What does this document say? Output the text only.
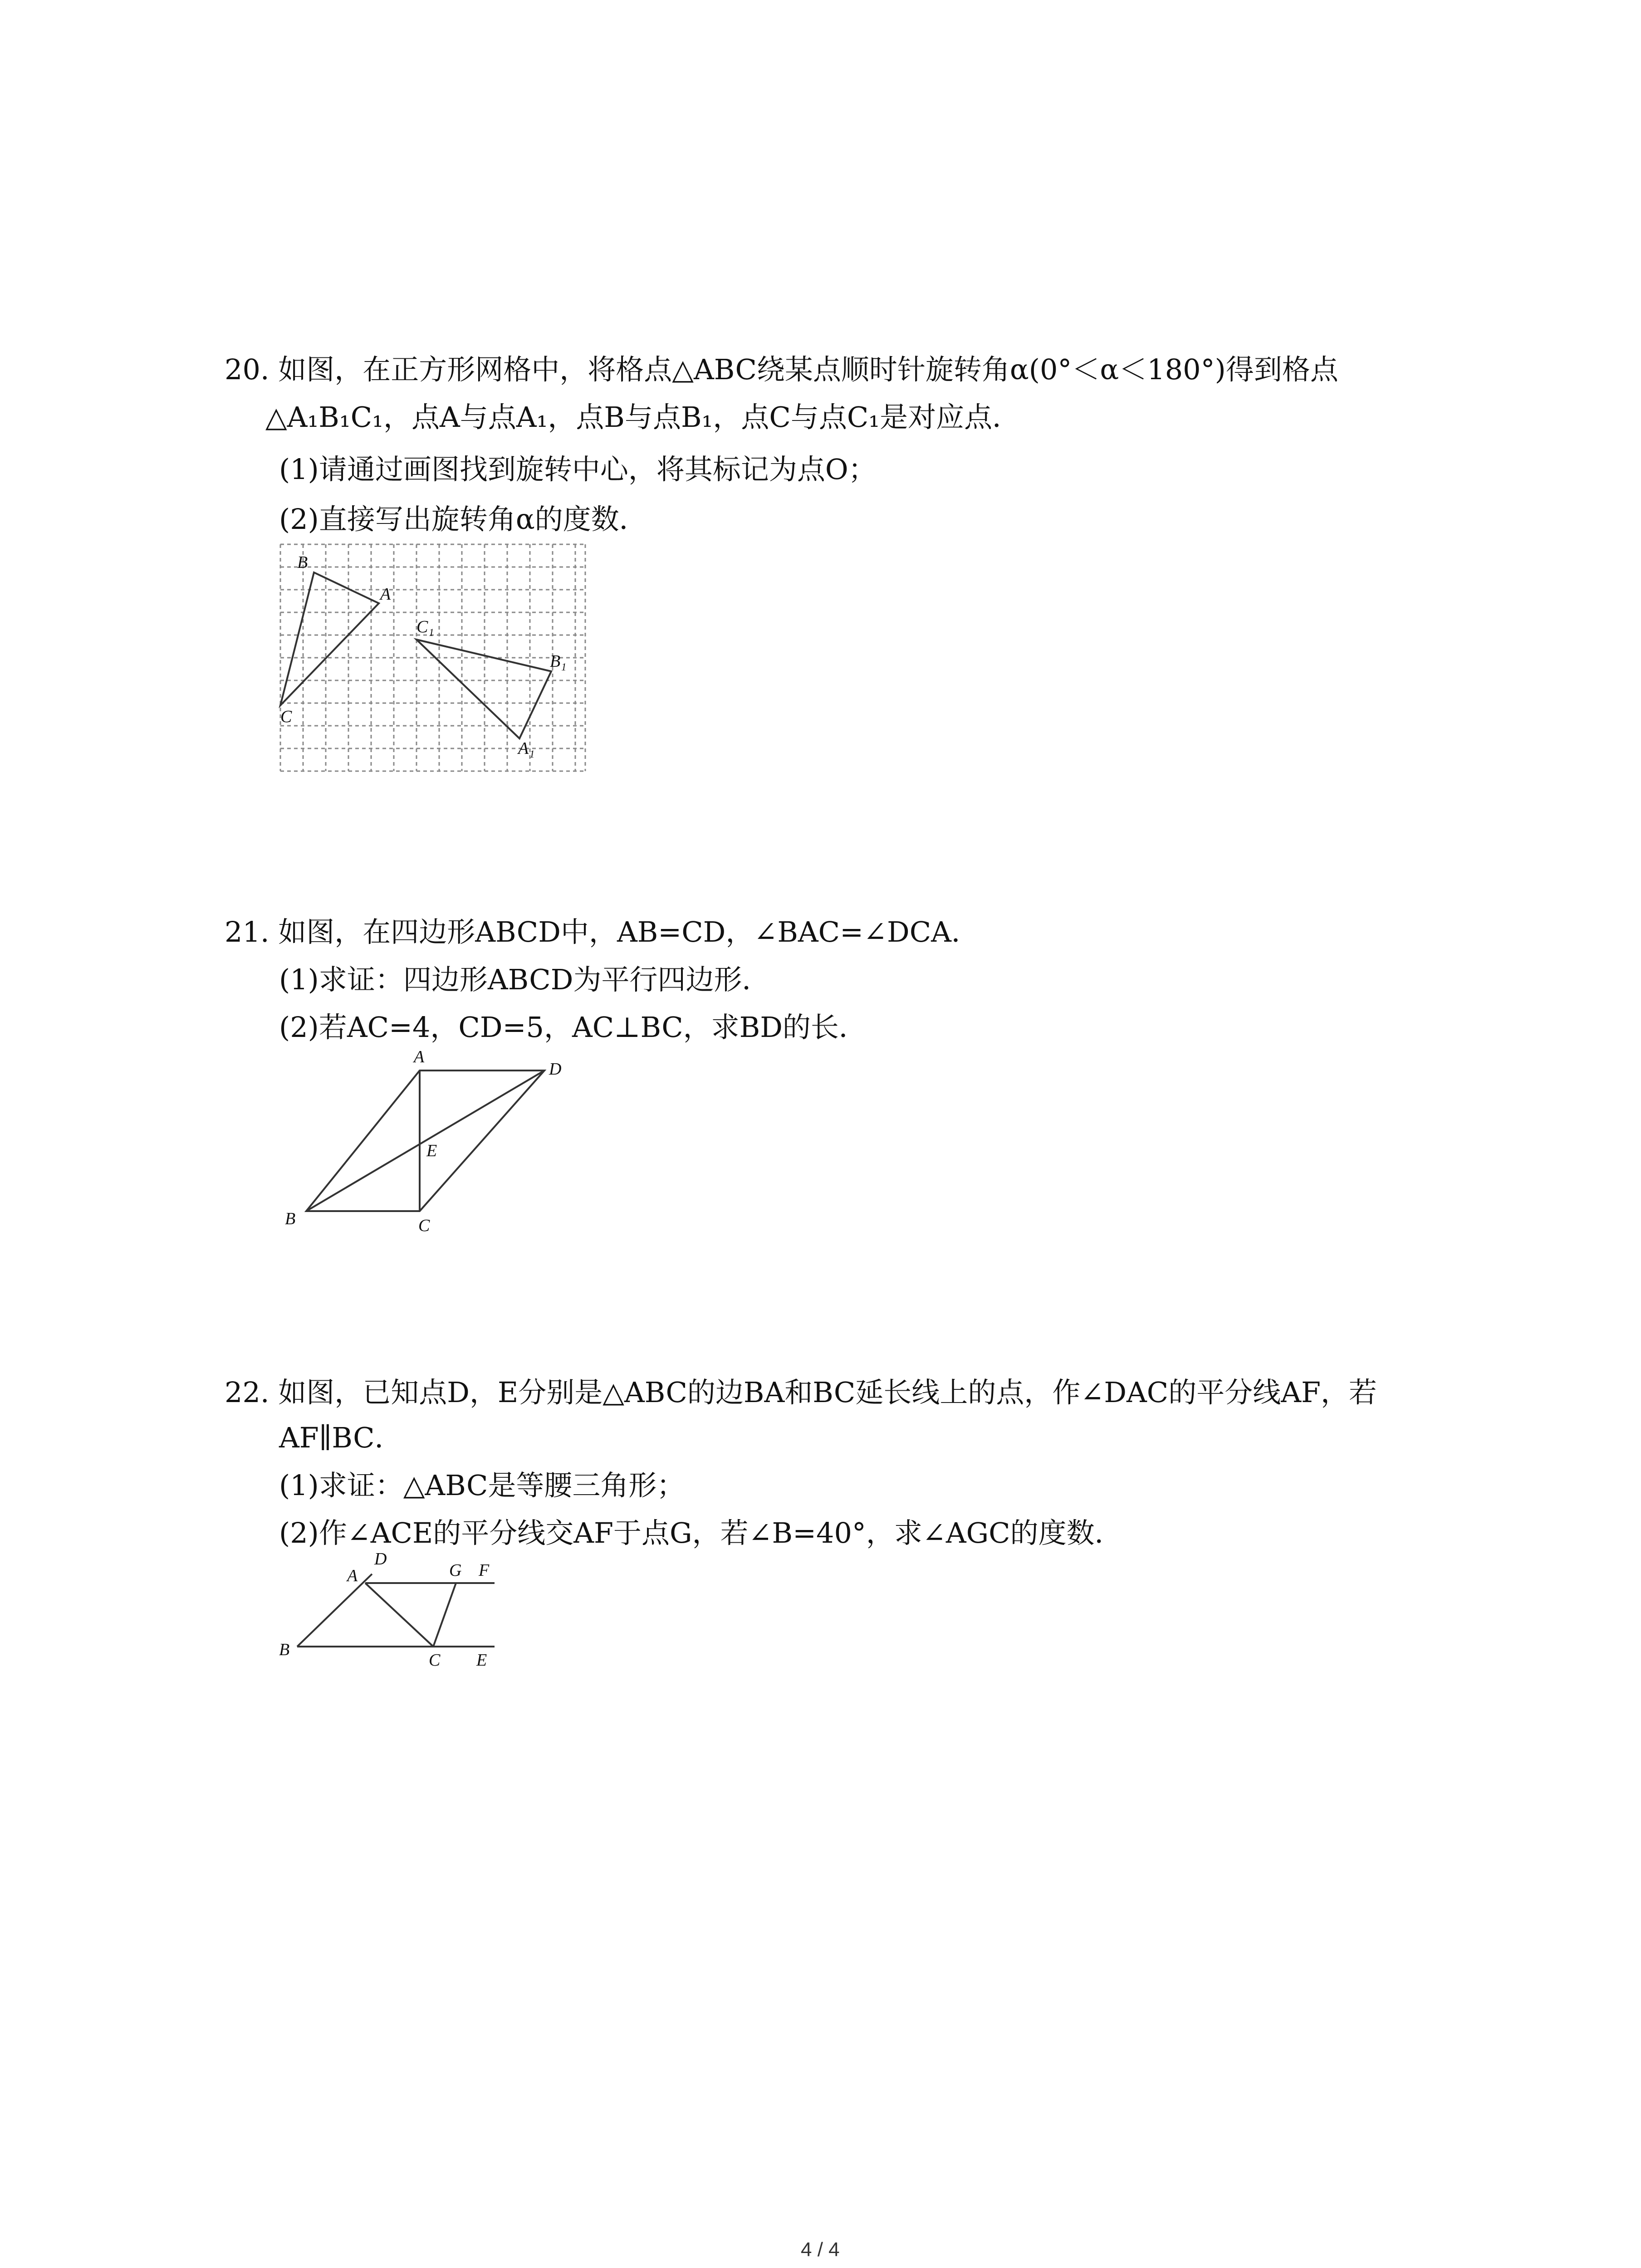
20. 如图，在正方形网格中，将格点△ABC绕某点顺时针旋转角α(0°＜α＜180°)得到格点
△A₁B₁C₁，点A与点A₁，点B与点B₁，点C与点C₁是对应点．
(1)请通过画图找到旋转中心，将其标记为点O；
(2)直接写出旋转角α的度数．
B
A
C
C₁
B₁
A₁
21. 如图，在四边形ABCD中，AB=CD，∠BAC=∠DCA．
(1)求证：四边形ABCD为平行四边形．
(2)若AC=4，CD=5，AC⊥BC，求BD的长．
A
D
E
B	C
22. 如图，已知点D，E分别是△ABC的边BA和BC延长线上的点，作∠DAC的平分线AF，若
AF∥BC．
(1)求证：△ABC是等腰三角形；
(2)作∠ACE的平分线交AF于点G，若∠B=40°，求∠AGC的度数．
D
A	G F
B
C E
4 / 4
